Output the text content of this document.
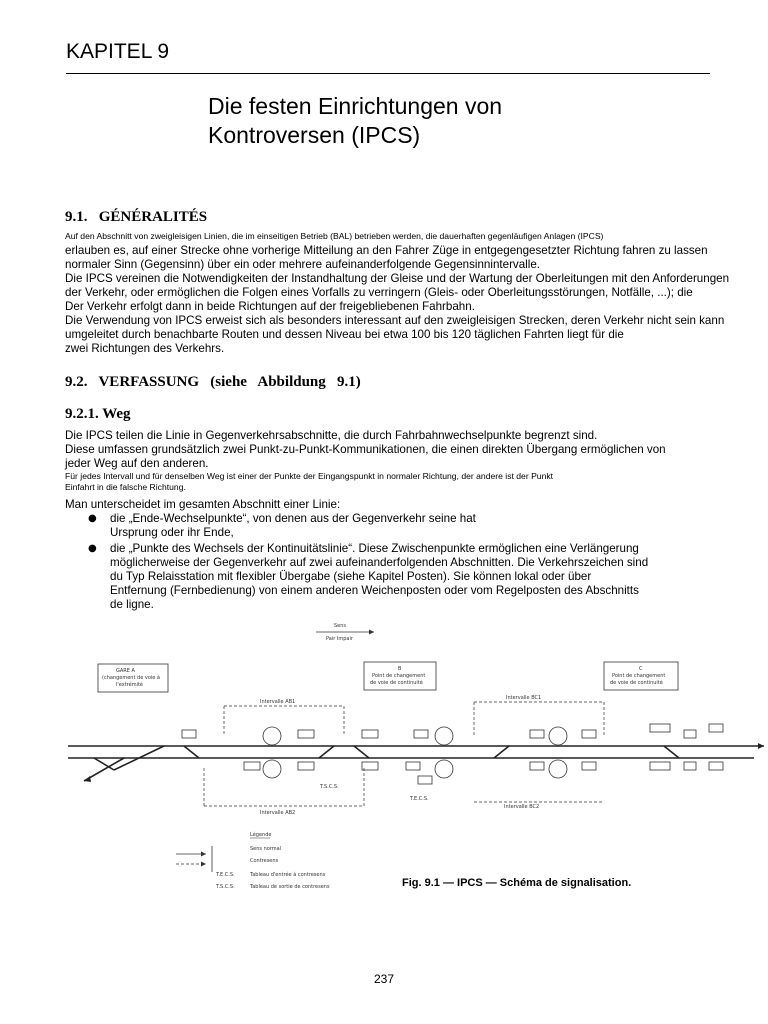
KAPITEL 9
Die festen Einrichtungen von
Kontroversen (IPCS)
9.1.   GÉNÉRALITÉS
Auf den Abschnitt von zweigleisigen Linien, die im einseitigen Betrieb (BAL) betrieben werden, die dauerhaften gegenläufigen Anlagen (IPCS)
erlauben es, auf einer Strecke ohne vorherige Mitteilung an den Fahrer Züge in entgegengesetzter Richtung fahren zu lassen
normaler Sinn (Gegensinn) über ein oder mehrere aufeinanderfolgende Gegensinnintervalle.
Die IPCS vereinen die Notwendigkeiten der Instandhaltung der Gleise und der Wartung der Oberleitungen mit den Anforderungen
der Verkehr, oder ermöglichen die Folgen eines Vorfalls zu verringern (Gleis- oder Oberleitungsstörungen, Notfälle, ...); die
Der Verkehr erfolgt dann in beide Richtungen auf der freigebliebenen Fahrbahn.
Die Verwendung von IPCS erweist sich als besonders interessant auf den zweigleisigen Strecken, deren Verkehr nicht sein kann
umgeleitet durch benachbarte Routen und dessen Niveau bei etwa 100 bis 120 täglichen Fahrten liegt für die
zwei Richtungen des Verkehrs.
9.2.   VERFASSUNG   (siehe   Abbildung   9.1)
9.2.1. Weg
Die IPCS teilen die Linie in Gegenverkehrsabschnitte, die durch Fahrbahnwechselpunkte begrenzt sind.
Diese umfassen grundsätzlich zwei Punkt-zu-Punkt-Kommunikationen, die einen direkten Übergang ermöglichen von
jeder Weg auf den anderen.
Für jedes Intervall und für denselben Weg ist einer der Punkte der Eingangspunkt in normaler Richtung, der andere ist der Punkt
Einfahrt in die falsche Richtung.
Man unterscheidet im gesamten Abschnitt einer Linie:
● die „Ende-Wechselpunkte“, von denen aus der Gegenverkehr seine hat
Ursprung oder ihr Ende,
● die „Punkte des Wechsels der Kontinuitätslinie“. Diese Zwischenpunkte ermöglichen eine Verlängerung
möglicherweise der Gegenverkehr auf zwei aufeinanderfolgenden Abschnitten. Die Verkehrszeichen sind
du Typ Relaisstation mit flexibler Übergabe (siehe Kapitel Posten). Sie können lokal oder über
Entfernung (Fernbedienung) von einem anderen Weichenposten oder vom Regelposten des Abschnitts
de ligne.
Sens
Pair Impair
GARE A
(changement de voie à
l'extrémité
B
Point de changement
de voie de continuité
C
Point de changement
de voie de continuité
Intervalle AB1
Intervalle BC1
Intervalle AB2
Intervalle BC2
T.S.C.S.
T.E.C.S.
Légende
Sens normal
Contresens
T.E.C.S.	Tableau d'entrée à contresens
T.S.C.S.	Tableau de sortie de contresens	Fig. 9.1 — IPCS — Schéma de signalisation.
237
